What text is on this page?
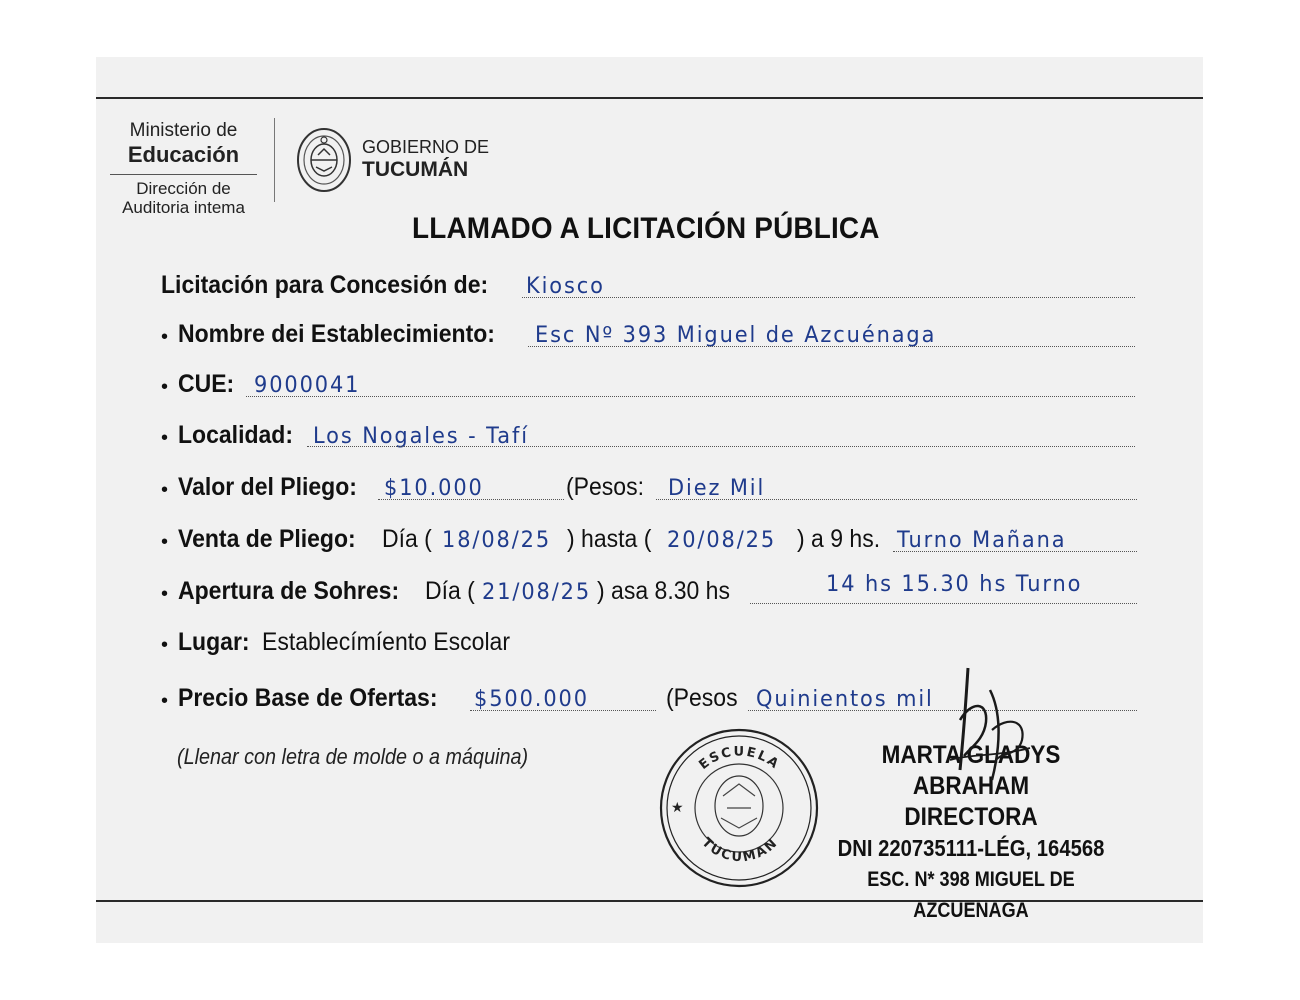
Ministerio de
Educación
Dirección de
Auditoria intema
GOBIERNO DE
TUCUMÁN
LLAMADO A LICITACIÓN PÚBLICA
Licitación para Concesión de: Kiosco
• Nombre dei Establecimiento: Esc Nº 393 Miguel de Azcuénaga
• CUE: 9000041
• Localidad: Los Nogales - Tafí
• Valor del Pliego: $10.000	(Pesos: Diez Mil
• Venta de Pliego: Día ( 18/08/25 ) hasta ( 20/08/25 ) a 9 hs. Turno Mañana
• Apertura de Sohres: Día ( 21/08/25 ) asa 8.30 hs	14 hs 15.30 hs Turno
• Lugar: Establecímíento Escolar
• Precio Base de Ofertas: $500.000	(Pesos Quinientos mil
(Llenar con letra de molde o a máquina)	ESCUELA
TUCUMAN
★
MARTA GLADYS ABRAHAM
DIRECTORA
DNI 220735111-LÉG, 164568
ESC. N* 398 MIGUEL DE AZCUENAGA
